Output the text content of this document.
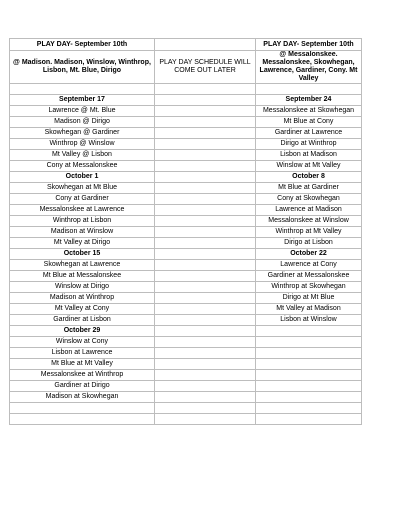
PLAY DAY- September 10th		PLAY DAY- September 10th
@ Madison. Madison, Winslow, Winthrop, Lisbon, Mt. Blue, Dirigo	PLAY DAY SCHEDULE WILL COME OUT LATER	@ Messalonskee. Messalonskee, Skowhegan, Lawrence, Gardiner, Cony. Mt Valley

September 17		September 24
Lawrence @ Mt. Blue		Messalonskee at Skowhegan
Madison @ Dirigo		Mt Blue at Cony
Skowhegan @ Gardiner		Gardiner at Lawrence
Winthrop @ Winslow		Dirigo at Winthrop
Mt Valley @ Lisbon		Lisbon at Madison
Cony at Messalonskee		Winslow at Mt Valley
October 1		October 8
Skowhegan at Mt Blue		Mt Blue at Gardiner
Cony at Gardiner		Cony at Skowhegan
Messalonskee at Lawrence		Lawrence at Madison
Winthrop at Lisbon		Messalonskee at Winslow
Madison at Winslow		Winthrop at Mt Valley
Mt Valley at Dirigo		Dirigo at Lisbon
October 15		October 22
Skowhegan at Lawrence		Lawrence at Cony
Mt Blue at Messalonskee		Gardiner at Messalonskee
Winslow at Dirigo		Winthrop at Skowhegan
Madison at Winthrop		Dirigo at Mt Blue
Mt Valley at Cony		Mt Valley at Madison
Gardiner at Lisbon		Lisbon at Winslow
October 29		
Winslow at Cony		
Lisbon at Lawrence		
Mt Blue at Mt Valley		
Messalonskee at Winthrop		
Gardiner at Dirigo		
Madison at Skowhegan		
